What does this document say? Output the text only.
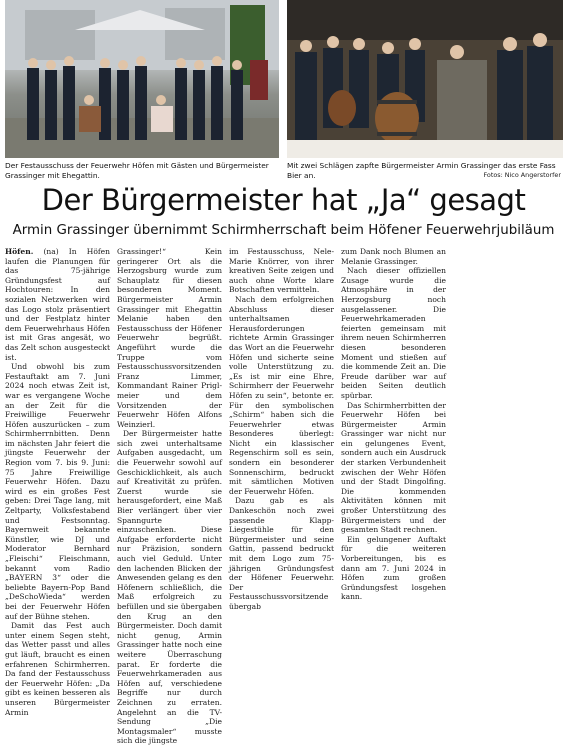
Der Festausschuss der Feuerwehr Höfen mit Gästen und Bürgermeister Grassinger mit Ehegattin.
Mit zwei Schlägen zapfte Bürgermeister Armin Grassinger das erste Fass Bier an.	Fotos: Nico Angerstorfer
Der Bürgermeister hat „Ja“ gesagt
Armin Grassinger übernimmt Schirmherrschaft beim Höfener Feuerwehrjubiläum

Höfen. (na) In Höfen laufen die Planungen für das 75-jährige Gründungsfest auf Hochtouren: In den sozialen Netzwerken wird das Logo stolz präsentiert und der Festplatz hinter dem Feuerwehrhaus Höfen ist mit Gras angesät, wo das Zelt schon ausgesteckt ist.

Und obwohl bis zum Festauftakt am 7. Juni 2024 noch etwas Zeit ist, war es vergangene Woche an der Zeit für die Freiwillige Feuerwehr Höfen auszurücken – zum Schirmherrnbitten. Denn im nächsten Jahr feiert die jüngste Feuerwehr der Region vom 7. bis 9. Juni: 75 Jahre Freiwillige Feuerwehr Höfen. Dazu wird es ein großes Fest geben: Drei Tage lang, mit Zeltparty, Volksfestabend und Festsonntag. Bayernweit bekannte Künstler, wie DJ und Moderator Bernhard „Fleischi“ Fleischmann, bekannt vom Radio „BAYERN 3“ oder die beliebte Bayern-Pop Band „DeSchoWieda“ werden bei der Feuerwehr Höfen auf der Bühne stehen.

Damit das Fest auch unter einem Segen steht, das Wetter passt und alles gut läuft, braucht es einen erfahrenen Schirmherren. Da fand der Festausschuss der Feuerwehr Höfen: „Da gibt es keinen besseren als unseren Bürgermeister Armin

Grassinger!“ Kein geringerer Ort als die Herzogsburg wurde zum Schauplatz für diesen besonderen Moment. Bürgermeister Armin Grassinger mit Ehegattin Melanie haben den Festausschuss der Höfener Feuerwehr begrüßt. Angeführt wurde die Truppe vom Festausschussvorsitzenden Franz Limmer, Kommandant Rainer Priglmeier und dem Vorsitzenden der Feuerwehr Höfen Alfons Weinzierl.

Der Bürgermeister hatte sich zwei unterhaltsame Aufgaben ausgedacht, um die Feuerwehr sowohl auf Geschicklichkeit, als auch auf Kreativität zu prüfen. Zuerst wurde sie herausgefordert, eine Maß Bier verlängert über vier Spanngurte einzuschenken. Diese Aufgabe erforderte nicht nur Präzision, sondern auch viel Geduld. Unter den lachenden Blicken der Anwesenden gelang es den Höfenern schließlich, die Maß erfolgreich zu befüllen und sie übergaben den Krug an den Bürgermeister. Doch damit nicht genug, Armin Grassinger hatte noch eine weitere Überraschung parat. Er forderte die Feuerwehrkameraden aus Höfen auf, verschiedene Begriffe nur durch Zeichnen zu erraten. Angelehnt an die TV-Sendung „Die Montagsmaler“ musste sich die jüngste

im Festausschuss, Nele-Marie Knörrer, von ihrer kreativen Seite zeigen und auch ohne Worte klare Botschaften vermitteln.

Nach dem erfolgreichen Abschluss dieser unterhaltsamen Herausforderungen richtete Armin Grassinger das Wort an die Feuerwehr Höfen und sicherte seine volle Unterstützung zu. „Es ist mir eine Ehre, Schirmherr der Feuerwehr Höfen zu sein“, betonte er. Für den symbolischen „Schirm“ haben sich die Feuerwehrler etwas Besonderes überlegt: Nicht ein klassischer Regenschirm soll es sein, sondern ein besonderer Sonnenschirm, bedruckt mit sämtlichen Motiven der Feuerwehr Höfen.

Dazu gab es als Dankeschön noch zwei passende Klapp-Liegestühle für den Bürgermeister und seine Gattin, passend bedruckt mit dem Logo zum 75-jährigen Gründungsfest der Höfener Feuerwehr. Der Festausschussvorsitzende übergab

zum Dank noch Blumen an Melanie Grassinger.

Nach dieser offiziellen Zusage wurde die Atmosphäre in der Herzogsburg noch ausgelassener. Die Feuerwehrkameraden feierten gemeinsam mit ihrem neuen Schirmherren diesen besonderen Moment und stießen auf die kommende Zeit an. Die Freude darüber war auf beiden Seiten deutlich spürbar.

Das Schirmherrbitten der Feuerwehr Höfen bei Bürgermeister Armin Grassinger war nicht nur ein gelungenes Event, sondern auch ein Ausdruck der starken Verbundenheit zwischen der Wehr Höfen und der Stadt Dingolfing. Die kommenden Aktivitäten können mit großer Unterstützung des Bürgermeisters und der gesamten Stadt rechnen.

Ein gelungener Auftakt für die weiteren Vorbereitungen, bis es dann am 7. Juni 2024 in Höfen zum großen Gründungsfest losgehen kann.
